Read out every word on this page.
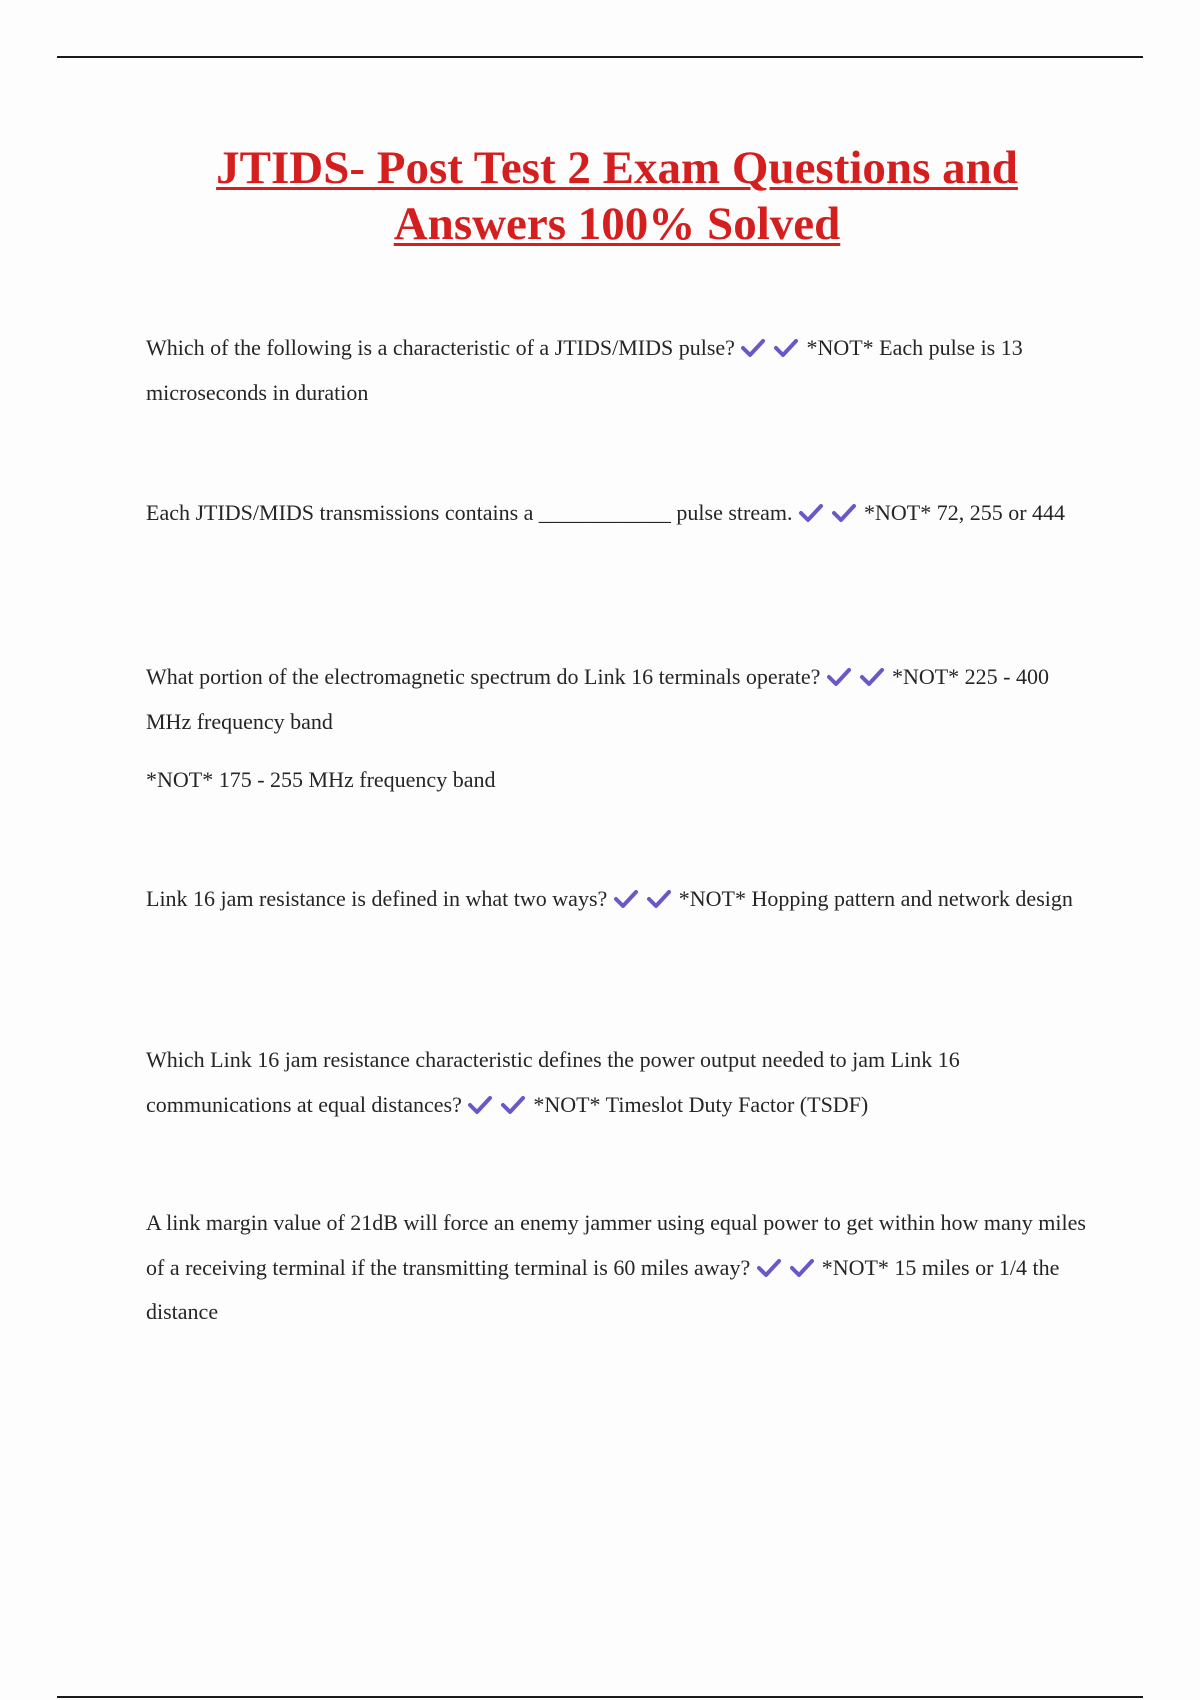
JTIDS- Post Test 2 Exam Questions and
Answers 100% Solved

Which of the following is a characteristic of a JTIDS/MIDS pulse?	*NOT* Each pulse is 13 microseconds in duration

Each JTIDS/MIDS transmissions contains a ____________ pulse stream.	*NOT* 72, 255 or 444

What portion of the electromagnetic spectrum do Link 16 terminals operate?	*NOT* 225 - 400 MHz frequency band

*NOT* 175 - 255 MHz frequency band

Link 16 jam resistance is defined in what two ways?	*NOT* Hopping pattern and network design

Which Link 16 jam resistance characteristic defines the power output needed to jam Link 16 communications at equal distances?	*NOT* Timeslot Duty Factor (TSDF)

A link margin value of 21dB will force an enemy jammer using equal power to get within how many miles of a receiving terminal if the transmitting terminal is 60 miles away?	*NOT* 15 miles or 1/4 the distance
